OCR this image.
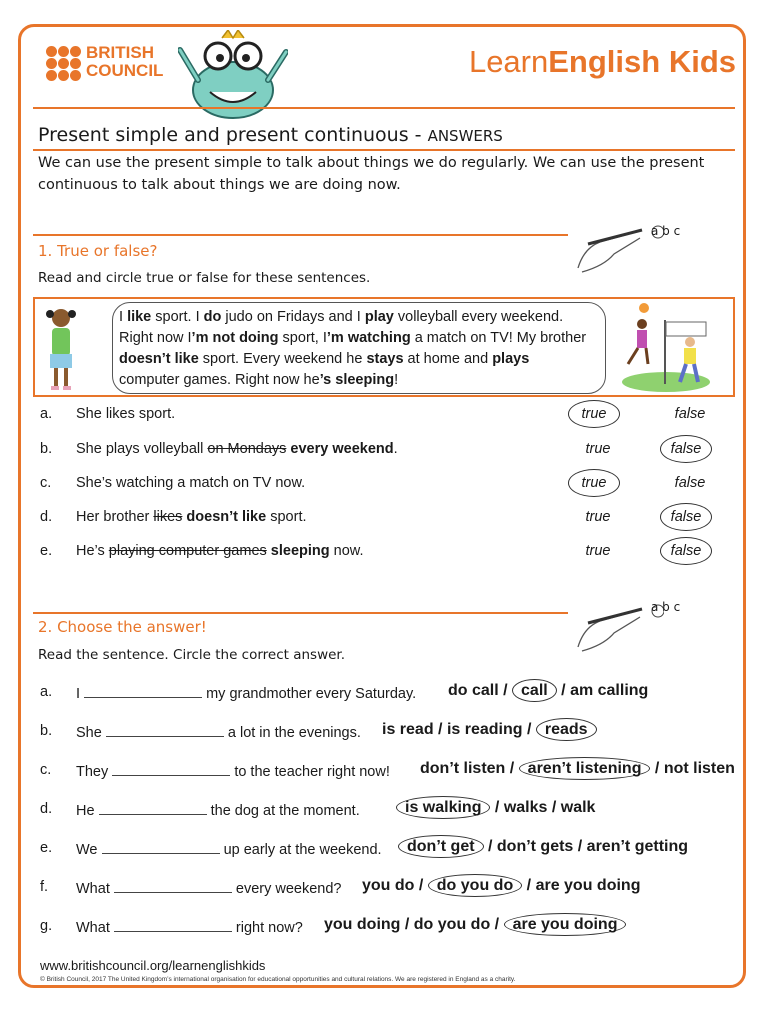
BRITISH
COUNCIL	LearnEnglish Kids
Present simple and present continuous - ANSWERS
We can use the present simple to talk about things we do regularly. We can use the present continuous to talk about things we are doing now.
a b c
1. True or false?
Read and circle true or false for these sentences.
I like sport. I do judo on Fridays and I play volleyball every weekend.
Right now I’m not doing sport, I’m watching a match on TV! My brother
doesn’t like sport. Every weekend he stays at home and plays
computer games. Right now he’s sleeping!
a. She likes sport.	true	false
b. She plays volleyball on Mondays every weekend.	true	false
c. She’s watching a match on TV now.	true	false
d. Her brother likes doesn’t like sport.	true	false
e. He’s playing computer games sleeping now.	true	false
a b c
2. Choose the answer!
Read the sentence. Circle the correct answer.
a. I	my grandmother every Saturday. do call / call / am calling
b. She	a lot in the evenings. is read / is reading / reads
c. They	to the teacher right now! don’t listen / aren’t listening / not listen
d. He	the dog at the moment.	is walking / walks / walk
e. We	up early at the weekend.	don’t get / don’t gets / aren’t getting
f. What	every weekend? you do / do you do / are you doing
g. What	right now? you doing / do you do / are you doing
www.britishcouncil.org/learnenglishkids
© British Council, 2017 The United Kingdom’s international organisation for educational opportunities and cultural relations. We are registered in England as a charity.
